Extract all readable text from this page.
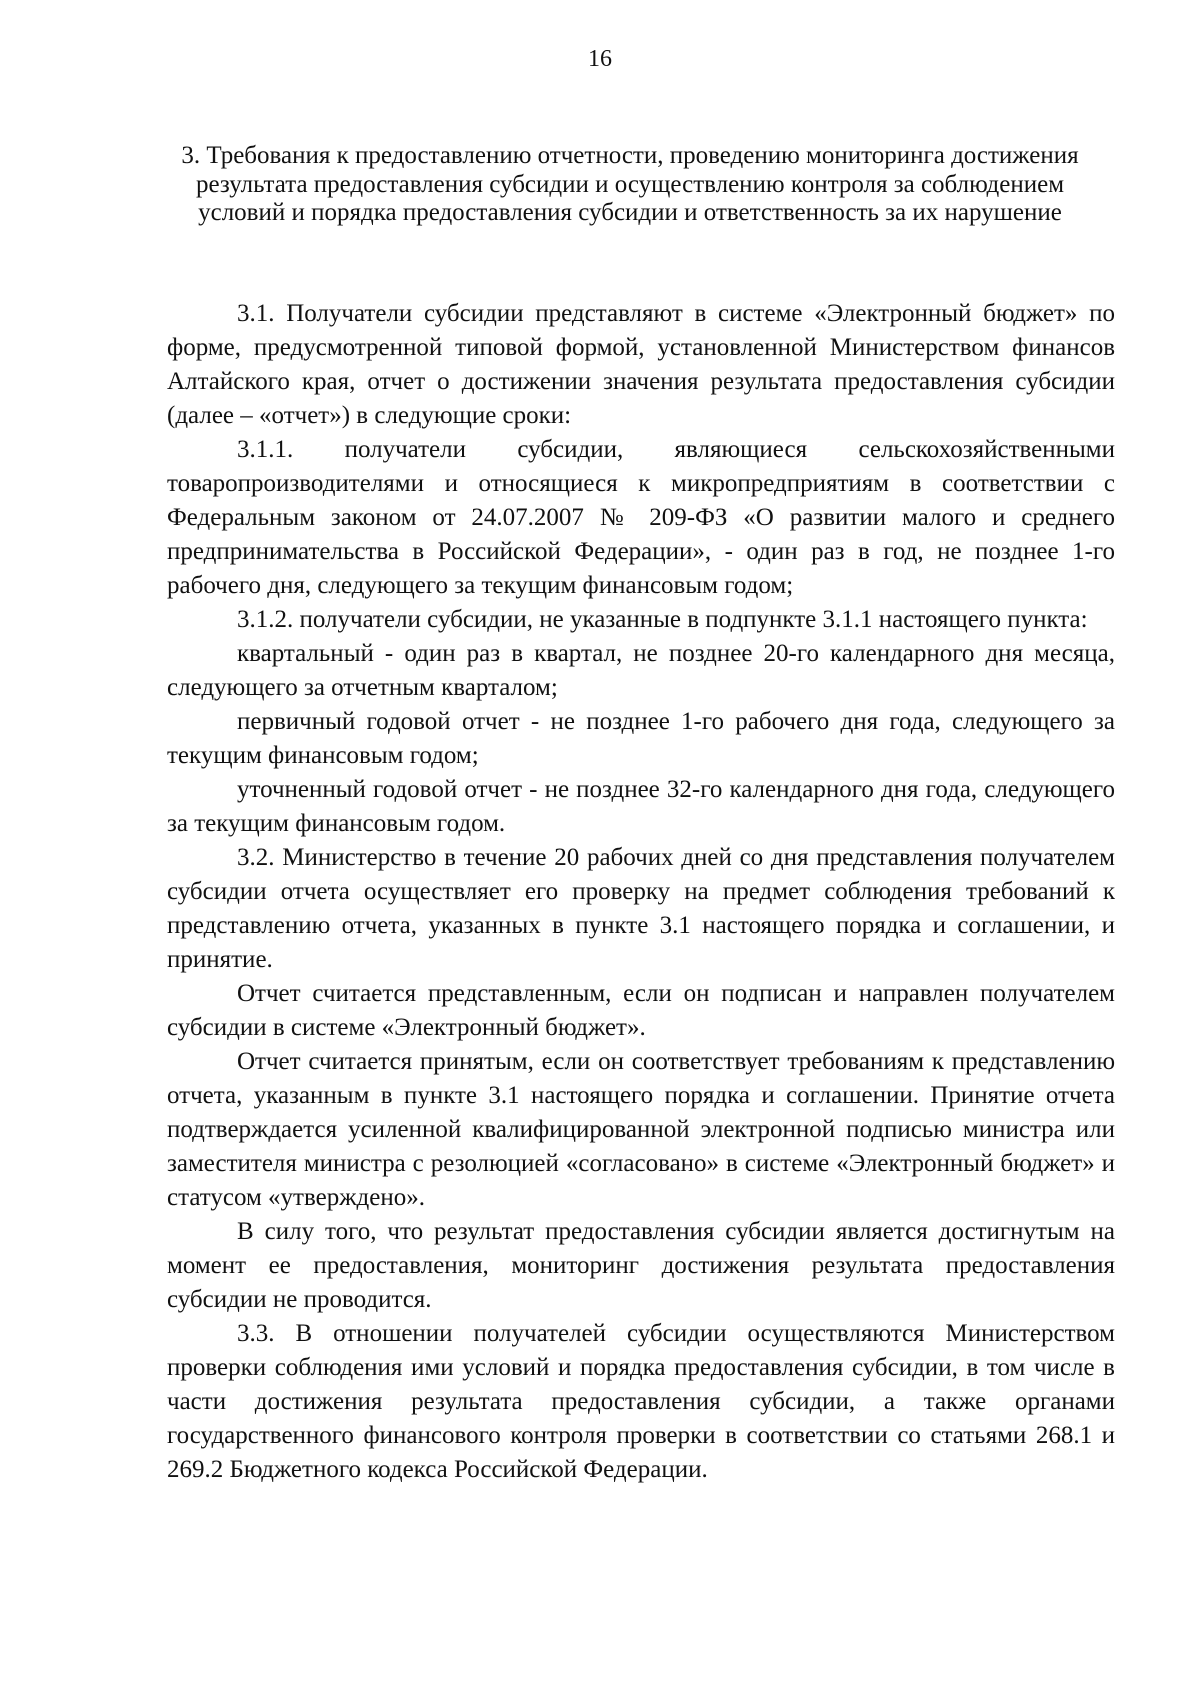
16
3. Требования к предоставлению отчетности, проведению мониторинга достижения результата предоставления субсидии и осуществлению контроля за соблюдением условий и порядка предоставления субсидии и ответственность за их нарушение

3.1. Получатели субсидии представляют в системе «Электронный бюджет» по форме, предусмотренной типовой формой, установленной Министерством финансов Алтайского края, отчет о достижении значения результата предоставления субсидии (далее – «отчет») в следующие сроки:

3.1.1. получатели субсидии, являющиеся сельскохозяйственными товаропроизводителями и относящиеся к микропредприятиям в соответствии с Федеральным законом от 24.07.2007 № 209-ФЗ «О развитии малого и среднего предпринимательства в Российской Федерации», - один раз в год, не позднее 1-го рабочего дня, следующего за текущим финансовым годом;

3.1.2. получатели субсидии, не указанные в подпункте 3.1.1 настоящего пункта:

квартальный - один раз в квартал, не позднее 20-го календарного дня месяца, следующего за отчетным кварталом;

первичный годовой отчет - не позднее 1-го рабочего дня года, следующего за текущим финансовым годом;

уточненный годовой отчет - не позднее 32-го календарного дня года, следующего за текущим финансовым годом.

3.2. Министерство в течение 20 рабочих дней со дня представления получателем субсидии отчета осуществляет его проверку на предмет соблюдения требований к представлению отчета, указанных в пункте 3.1 настоящего порядка и соглашении, и принятие.

Отчет считается представленным, если он подписан и направлен получателем субсидии в системе «Электронный бюджет».

Отчет считается принятым, если он соответствует требованиям к представлению отчета, указанным в пункте 3.1 настоящего порядка и соглашении. Принятие отчета подтверждается усиленной квалифицированной электронной подписью министра или заместителя министра с резолюцией «согласовано» в системе «Электронный бюджет» и статусом «утверждено».

В силу того, что результат предоставления субсидии является достигнутым на момент ее предоставления, мониторинг достижения результата предоставления субсидии не проводится.

3.3. В отношении получателей субсидии осуществляются Министерством проверки соблюдения ими условий и порядка предоставления субсидии, в том числе в части достижения результата предоставления субсидии, а также органами государственного финансового контроля проверки в соответствии со статьями 268.1 и 269.2 Бюджетного кодекса Российской Федерации.
